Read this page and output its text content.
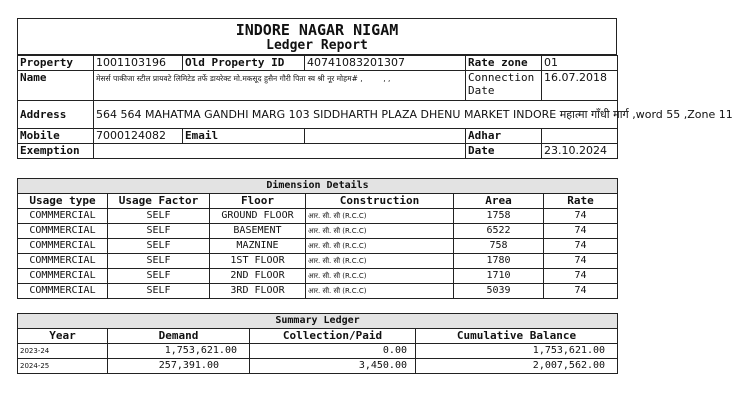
INDORE NAGAR NIGAM
Ledger Report
Property	1001103196	Old Property ID	40741083201307	Rate zone	01
Name	मेसर्स पाकीजा स्टील प्रायवटे लिमिटेड तर्फे डायरेक्ट मो.मकसूद हुसैन गौरी पिता स्व श्री नूर मोहम# , , ,			Connection Date	16.07.2018
Address	564 564 MAHATMA GANDHI MARG 103 SIDDHARTH PLAZA DHENU MARKET INDORE महात्मा गाँधी मार्ग ,word 55 ,Zone 11				
Mobile	7000124082	Email		Adhar	
Exemption				Date	23.10.2024
Dimension Details					
Usage type	Usage Factor	Floor	Construction	Area	Rate
COMMMERCIAL	SELF	GROUND FLOOR	आर. सी. सी (R.C.C)	1758	74
COMMMERCIAL	SELF	BASEMENT	आर. सी. सी (R.C.C)	6522	74
COMMMERCIAL	SELF	MAZNINE	आर. सी. सी (R.C.C)	758	74
COMMMERCIAL	SELF	1ST FLOOR	आर. सी. सी (R.C.C)	1780	74
COMMMERCIAL	SELF	2ND FLOOR	आर. सी. सी (R.C.C)	1710	74
COMMMERCIAL	SELF	3RD FLOOR	आर. सी. सी (R.C.C)	5039	74
Summary Ledger			
Year	Demand	Collection/Paid	Cumulative Balance
2023-24	1,753,621.00	0.00	1,753,621.00
2024-25	257,391.00	3,450.00	2,007,562.00
